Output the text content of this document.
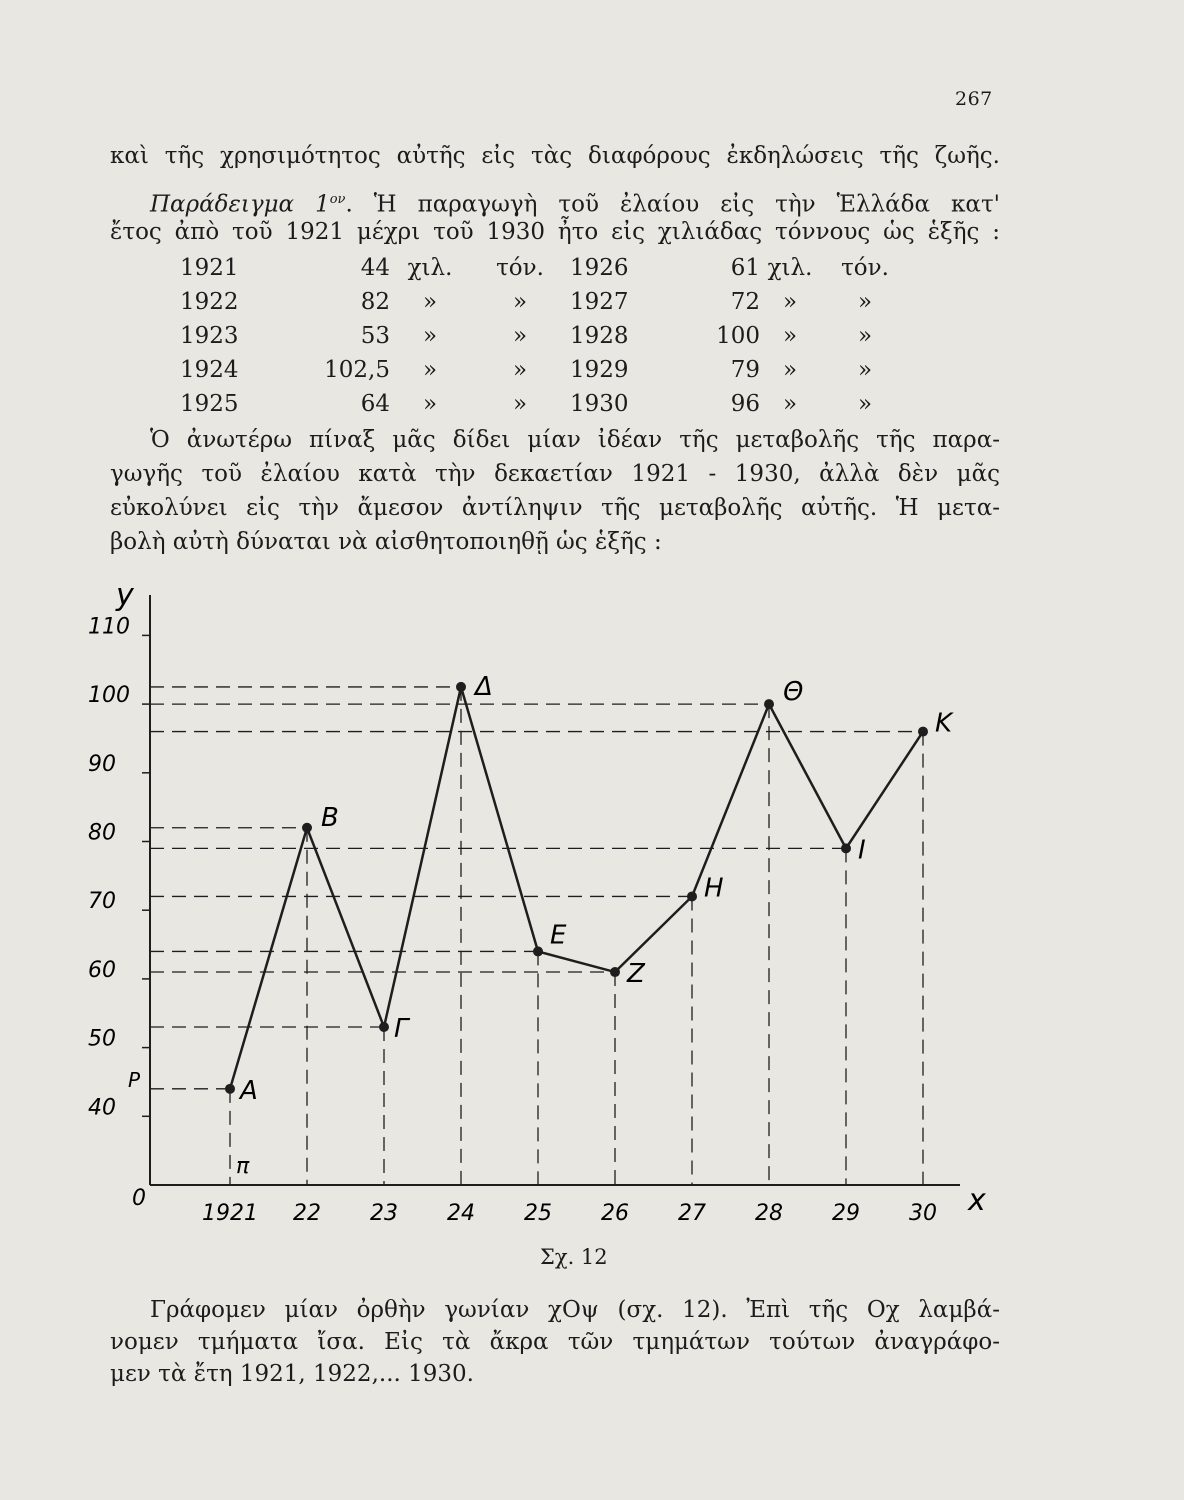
267
καὶ τῆς χρησιμότητος αὐτῆς εἰς τὰς διαφόρους ἐκδηλώσεις τῆς ζωῆς.
Παράδειγμα $1^{o\nu}$. Ἡ παραγωγὴ τοῦ ἐλαίου εἰς τὴν Ἑλλάδα κατ'
ἔτος ἀπὸ τοῦ 1921 μέχρι τοῦ 1930 ἦτο εἰς χιλιάδας τόννους ὡς ἑξῆς :
1921	44	χιλ.	τόν.	1926	61	χιλ.	τόν.
1922	82	»	»	1927	72	»	»
1923	53	»	»	1928	100	»	»
1924	102,5	»	»	1929	79	»	»
1925	64	»	»	1930	96	»	»
Ὁ ἀνωτέρω πίναξ μᾶς δίδει μίαν ἰδέαν τῆς μεταβολῆς τῆς παρα-
γωγῆς τοῦ ἐλαίου κατὰ τὴν δεκαετίαν 1921 - 1930, ἀλλὰ δὲν μᾶς
εὐκολύνει εἰς τὴν ἄμεσον ἀντίληψιν τῆς μεταβολῆς αὐτῆς. Ἡ μετα-
βολὴ αὐτὴ δύναται νὰ αἰσθητοποιηθῇ ὡς ἑξῆς :
y
x
0
40
50
60
70
80
90
100
110
1921 22 23 24 25 26 27 28 29 30
P
π
A
B
Γ
Δ
E
Z
H
Θ
I
K
Σχ. 12
Γράφομεν μίαν ὀρθὴν γωνίαν χΟψ (σχ. 12). Ἐπὶ τῆς Οχ λαμβά-
νομεν τμήματα ἴσα. Εἰς τὰ ἄκρα τῶν τμημάτων τούτων ἀναγράφο-
μεν τὰ ἔτη 1921, 1922,... 1930.
